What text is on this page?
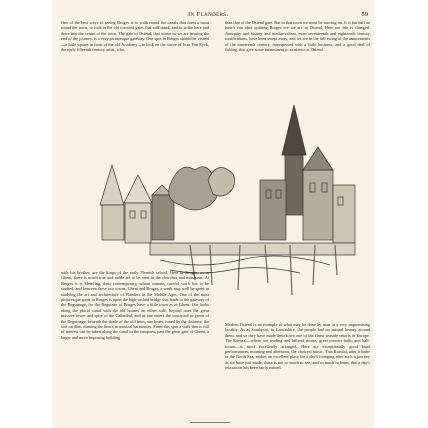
In Flanders.	59

One of the best ways of seeing Bruges is to walk round the canals that form a moat round the town; to look at the old towered gates that still stand, and to strike here and there into the centre of the town. The gate of Ostend, that warns us we are nearing the end of the journey, is a very picturesque gateway. One spot in Bruges should be visited—a little square in front of the old Academy—to look on the statue of Jean Van Eyck, the early fifteenth century artist, who,

than that of the Ostend gate. But to that town we must be moving on. It is but half an hour's run after quitting Bruges ere we are in Ostend. Here our life is changed. Antiquity and history and mediaevalism, even seventeenth and eighteenth century fortifications, have been swept away, and we are in the full swing of the amusements of the nineteenth century, interspersed with a little business, and a good deal of fishing, that give some earnestness to existence at Ostend.

with his brother, are the kings of the early Flemish school. Here in Bruges, as in Ghent, there is much true and noble art to be seen in the churches and museums. At Bruges it is Memling, their contemporary, whose minute, careful work has to be studied, and between these two towns, Ghent and Bruges, a week may well be spent in studying the art and architecture of Flanders in the Middle Ages. One of the most picturesque spots in Bruges is upon the high-arched bridge that leads to the gateway of the Beguinage, for the Beguines of Bruges have a little town as at Ghent. Our looks along the placid canal with the old houses on either side; beyond rises the great massive tower and spire of the Cathedral, and as one enters the courtyard or green of the Beguinage, beneath the shade of the old trees, one hears, toned by the distance, the soft carillon chiming the hours in musical harmonies. From this spot a walk that is full of interest can be taken along the canal to the ramparts, past the great gate of Ghent, a larger and more imposing building

Modern Ostend is an example of what may be done by man in a very unpromising locality. As at Southport, in Lancashire, the people had no natural beauty around them, and so they have made their town one of the finest seaside resorts in Europe. The Kursaal—where are reading and billiard rooms, great concert halls, and ball-rooms—is most excellently arranged. Here are exceptionally good band performances, morning and afternoon, the choicest music. This Kursaal, after a bathe in the North Sea, makes an excellent place for a day's lounging after such a journey as we have just made; there is not so much to see, and so much to learn, that a day's relaxation has been fairly earned.
